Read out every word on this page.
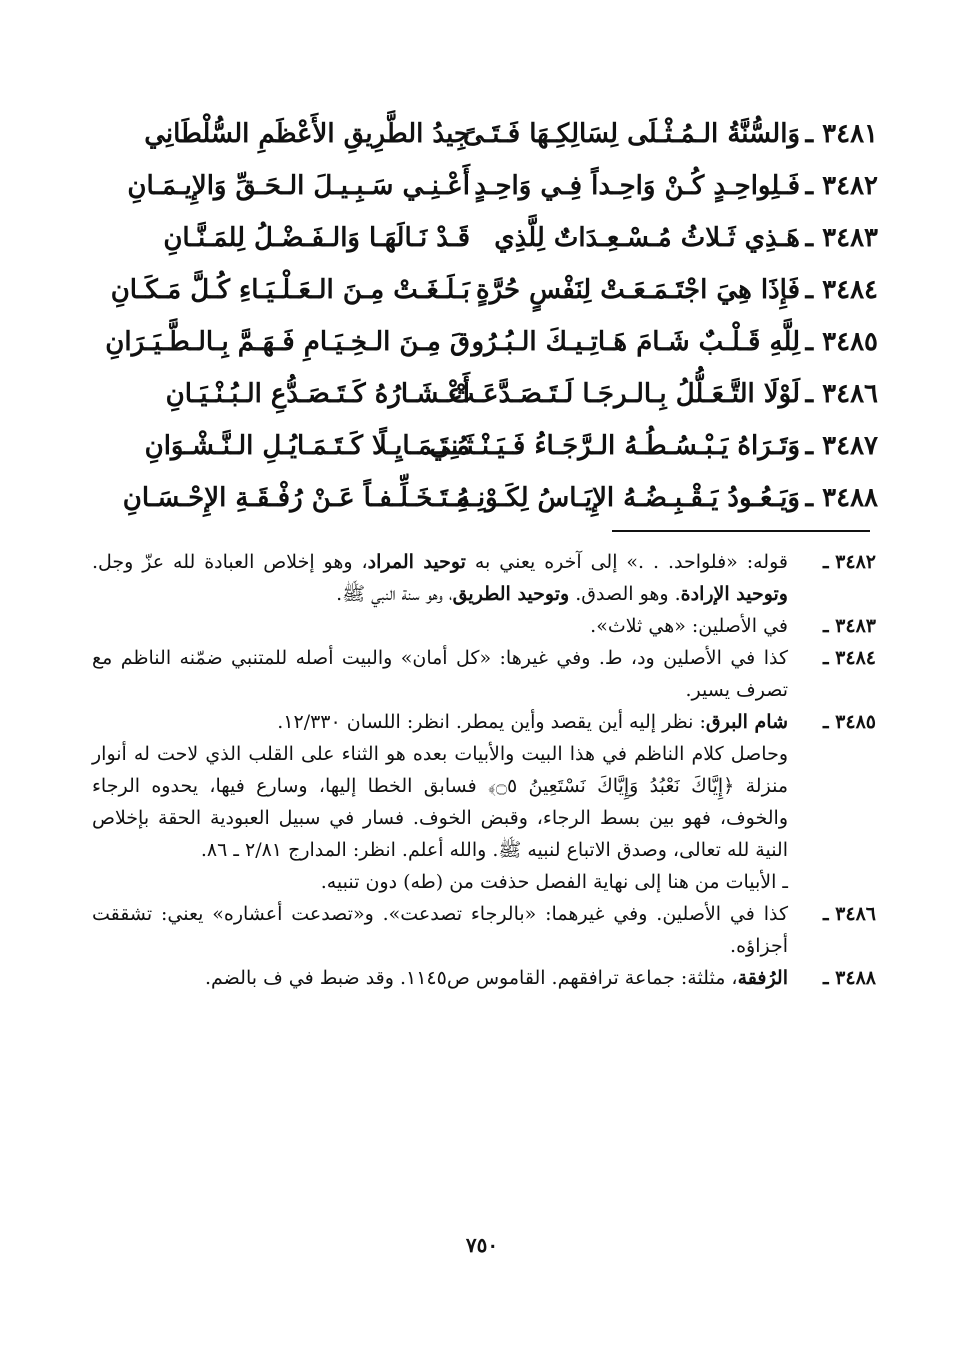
٣٤٨١ ـ
وَالسُّنَّةُ الـمُـثْـلَى لِسَالِكِـهَا فَـتَـىً
جِيدُ الطَّرِيقِ الأَعْظَمِ السُّلْطَانِي
٣٤٨٢ ـ
فَـلِواحِـدٍ كُـنْ وَاحِـداً فِـي وَاحِـدٍ
أَعْـنِـي سَـبِـيـلَ الـحَـقِّ وَالإِيـمَـانِ
٣٤٨٣ ـ
هَـذِي ثَـلاثُ مُـسْـعِـدَاتٌ لِلَّذِي
قَـدْ نَـالَهَـا وَالـفَـضْـلُ لِلمَـنَّـانِ
٣٤٨٤ ـ
فَإِذَا هِيَ اجْتَـمَـعَـتْ لِنَفْسٍ حُرَّةٍ
بَـلَـغَـتْ مِـنَ الـعَـلْـيَـاءِ كُـلَّ مَـكَـانِ
٣٤٨٥ ـ
لِلَّهِ قَـلْـبٌ شَـامَ هَـاتِـيـكَ الـبُـرُو
قَ مِـنَ الـخِـيَـامِ فَـهَـمَّ بِـالـطَّـيَـرَانِ
٣٤٨٦ ـ
لَوْلَا التَّـعَـلُّلُ بِـالـرجَـا لَـتَـصَـدَّعَـتْ
أَعْـشَـارُهُ كَـتَـصَـدُّعِ الـبُـنْـيَـانِ
٣٤٨٧ ـ
وَتَـرَاهُ يَـبْـسُـطُـهُ الـرَّجَـاءُ فَـيَـنْـثَـنِي
مُـتَـمَـايِـلًا كَـتَـمَـايُـلِ الـنَّـشْـوَانِ
٣٤٨٨ ـ
وَيَـعُـودُ يَـقْـبِـضُـهُ الإِيَـاسُ لِكَـوْنِـهِ
مُـتَـخَـلِّـفـاً عَـنْ رُفْـقَـةِ الإِحْـسَـانِ
٣٤٨٢ ـ
قوله: «فلواحد. . .» إلى آخره يعني به توحيد المراد، وهو إخلاص العبادة لله عزّ وجل. وتوحيد الإرادة. وهو الصدق. وتوحيد الطريق، وهو سنة النبي ﷺ.
٣٤٨٣ ـ
في الأصلين: «هي ثلاث».
٣٤٨٤ ـ
كذا في الأصلين ود، ط. وفي غيرها: «كل أمان» والبيت أصله للمتنبي ضمّنه الناظم مع تصرف يسير.
٣٤٨٥ ـ
شام البرق: نظر إليه أين يقصد وأين يمطر. انظر: اللسان ١٢/٣٣٠.
وحاصل كلام الناظم في هذا البيت والأبيات بعده هو الثناء على القلب الذي لاحت له أنوار منزلة ﴿إِيَّاكَ نَعْبُدُ وَإِيَّاكَ نَسْتَعِينُ ۝٥﴾ فسابق الخطا إليها، وسارع فيها، يحدوه الرجاء والخوف، فهو بين بسط الرجاء، وقبض الخوف. فسار في سبيل العبودية الحقة بإخلاص النية لله تعالى، وصدق الاتباع لنبيه ﷺ. والله أعلم. انظر: المدارج ٢/٨١ ـ ٨٦.
ـ الأبيات من هنا إلى نهاية الفصل حذفت من (طه) دون تنبيه.
٣٤٨٦ ـ
كذا في الأصلين. وفي غيرهما: «بالرجاء تصدعت». و«تصدعت أعشاره» يعني: تشققت أجزاؤه.
٣٤٨٨ ـ
الرُفقة، مثلثة: جماعة ترافقهم. القاموس ص١١٤٥. وقد ضبط في ف بالضم.
٧٥٠
